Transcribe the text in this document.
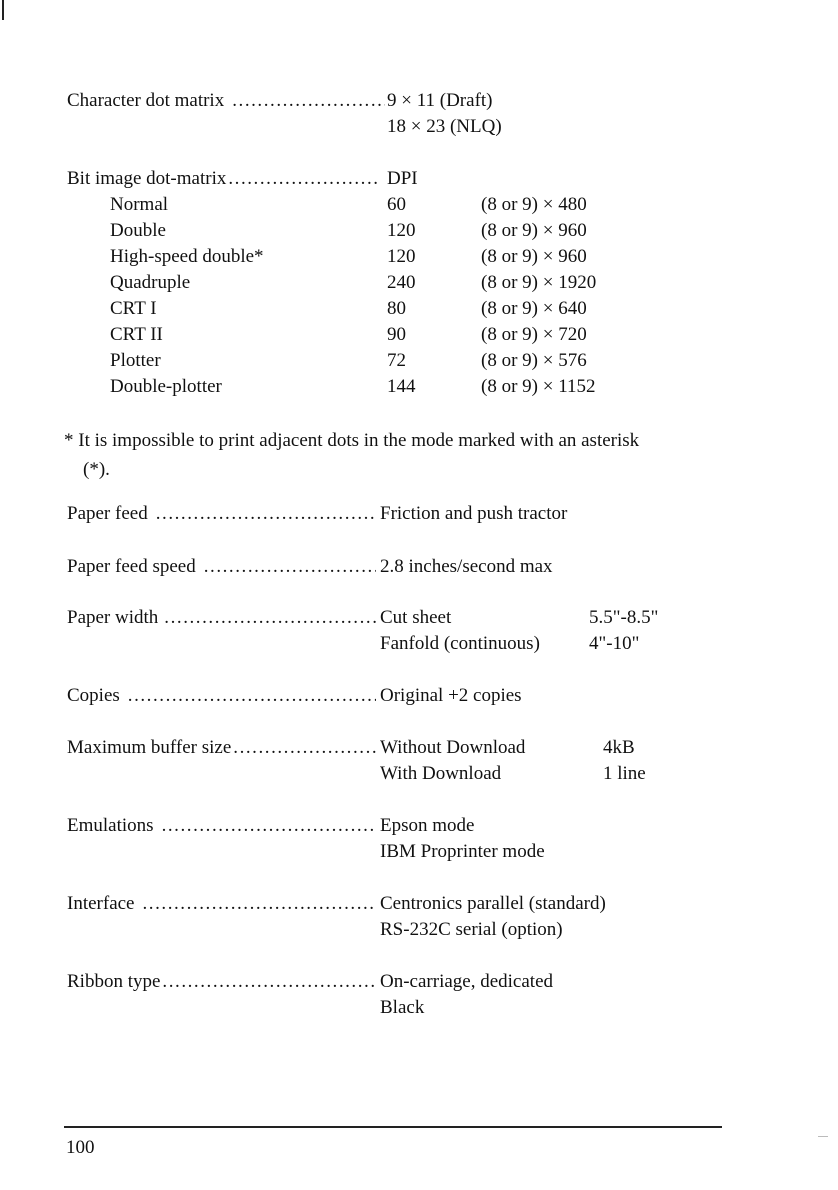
Character dot matrix . . .	9 × 11 (Draft)
18 × 23 (NLQ)
Bit image dot-matrix . . .	DPI
Normal	60	(8 or 9) × 480
Double	120	(8 or 9) × 960
High-speed double*	120	(8 or 9) × 960
Quadruple	240	(8 or 9) × 1920
CRT I	80	(8 or 9) × 640
CRT II	90	(8 or 9) × 720
Plotter	72	(8 or 9) × 576
Double-plotter	144	(8 or 9) × 1152
* It is impossible to print adjacent dots in the mode marked with an asterisk
(*).
Paper feed . . .	Friction and push tractor
Paper feed speed . . .	2.8 inches/second max
Paper width . . .	Cut sheet	5.5"-8.5"
Fanfold (continuous)	4"-10"
Copies . . .	Original +2 copies
Maximum buffer size . . .	Without Download	4kB
With Download	1 line
Emulations . . .	Epson mode
IBM Proprinter mode
Interface . . .	Centronics parallel (standard)
RS-232C serial (option)
Ribbon type . . .	On-carriage, dedicated
Black
100
